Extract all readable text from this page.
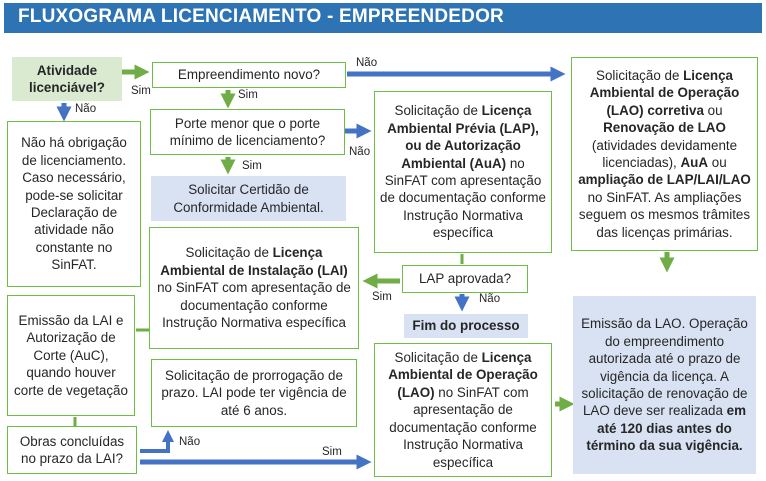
FLUXOGRAMA LICENCIAMENTO - EMPREENDEDOR
Atividade licenciável?
Empreendimento novo?
Porte menor que o porte mínimo de licenciamento?
Solicitar Certidão de Conformidade Ambiental.
Não há obrigação de licenciamento. Caso necessário, pode-se solicitar Declaração de atividade não constante no SinFAT.
Solicitação de Licença Ambiental Prévia (LAP), ou de Autorização Ambiental (AuA) no SinFAT com apresentação de documentação conforme Instrução Normativa específica
Solicitação de Licença Ambiental de Operação (LAO) corretiva ou Renovação de LAO (atividades devidamente licenciadas), AuA ou ampliação de LAP/LAI/LAO no SinFAT. As ampliações seguem os mesmos trâmites das licenças primárias.
Solicitação de Licença Ambiental de Instalação (LAI) no SinFAT com apresentação de documentação conforme Instrução Normativa específica
LAP aprovada?
Fim do processo
Emissão da LAI e Autorização de Corte (AuC), quando houver corte de vegetação
Solicitação de prorrogação de prazo. LAI pode ter vigência de até 6 anos.
Obras concluídas no prazo da LAI?
Solicitação de Licença Ambiental de Operação (LAO) no SinFAT com apresentação de documentação conforme Instrução Normativa específica
Emissão da LAO. Operação do empreendimento autorizada até o prazo de vigência da licença. A solicitação de renovação de LAO deve ser realizada em até 120 dias antes do término da sua vigência.
Sim
Não
Sim
Não
Sim
Não
Sim	Não
Não
Sim
